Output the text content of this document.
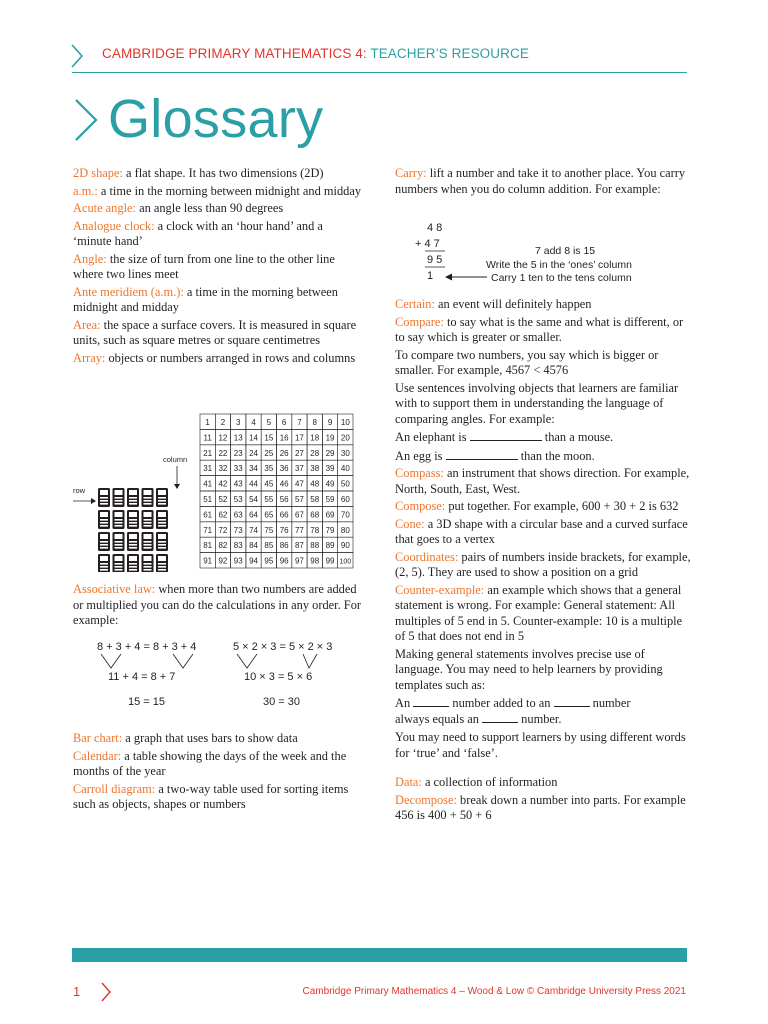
CAMBRIDGE PRIMARY MATHEMATICS 4: TEACHER’S RESOURCE
Glossary
2D shape: a flat shape. It has two dimensions (2D)
a.m.: a time in the morning between midnight and midday
Acute angle: an angle less than 90 degrees
Analogue clock: a clock with an ‘hour hand’ and a ‘minute hand’
Angle: the size of turn from one line to the other line where two lines meet
Ante meridiem (a.m.): a time in the morning between midnight and midday
Area: the space a surface covers. It is measured in square units, such as square metres or square centimetres
Array: objects or numbers arranged in rows and columns
column
row
1 2 3 4 5 6 7 8 9 10
11 12 13 14 15 16 17 18 19 20
21 22 23 24 25 26 27 28 29 30
31 32 33 34 35 36 37 38 39 40
41 42 43 44 45 46 47 48 49 50
51 52 53 54 55 56 57 58 59 60
61 62 63 64 65 66 67 68 69 70
71 72 73 74 75 76 77 78 79 80
81 82 83 84 85 86 87 88 89 90
91 92 93 94 95 96 97 98 99 100
Associative law: when more than two numbers are added or multiplied you can do the calculations in any order. For example:
8 + 3 + 4 = 8 + 3 + 4
11 + 4 = 8 + 7
15 = 15
5 × 2 × 3 = 5 × 2 × 3
10 × 3 = 5 × 6
30 = 30
Bar chart: a graph that uses bars to show data
Calendar: a table showing the days of the week and the months of the year
Carroll diagram: a two-way table used for sorting items such as objects, shapes or numbers
Carry: lift a number and take it to another place. You carry numbers when you do column addition. For example:
4 8
+ 4 7
9 5
1
7 add 8 is 15
Write the 5 in the ‘ones’ column
Carry 1 ten to the tens column
Certain: an event will definitely happen
Compare: to say what is the same and what is different, or to say which is greater or smaller.
To compare two numbers, you say which is bigger or smaller. For example, 4567 < 4576
Use sentences involving objects that learners are familiar with to support them in understanding the language of comparing angles. For example:
An elephant is	than a mouse.
An egg is	than the moon.
Compass: an instrument that shows direction. For example, North, South, East, West.
Compose: put together. For example, 600 + 30 + 2 is 632
Cone: a 3D shape with a circular base and a curved surface that goes to a vertex
Coordinates: pairs of numbers inside brackets, for example, (2, 5). They are used to show a position on a grid
Counter-example: an example which shows that a general statement is wrong. For example: General statement: All multiples of 5 end in 5. Counter-example: 10 is a multiple of 5 that does not end in 5
Making general statements involves precise use of language. You may need to help learners by providing templates such as:
An	number added to an	number
always equals an	number.
You may need to support learners by using different words for ‘true’ and ‘false’.
Data: a collection of information
Decompose: break down a number into parts. For example 456 is 400 + 50 + 6
1	Cambridge Primary Mathematics 4 – Wood & Low © Cambridge University Press 2021
